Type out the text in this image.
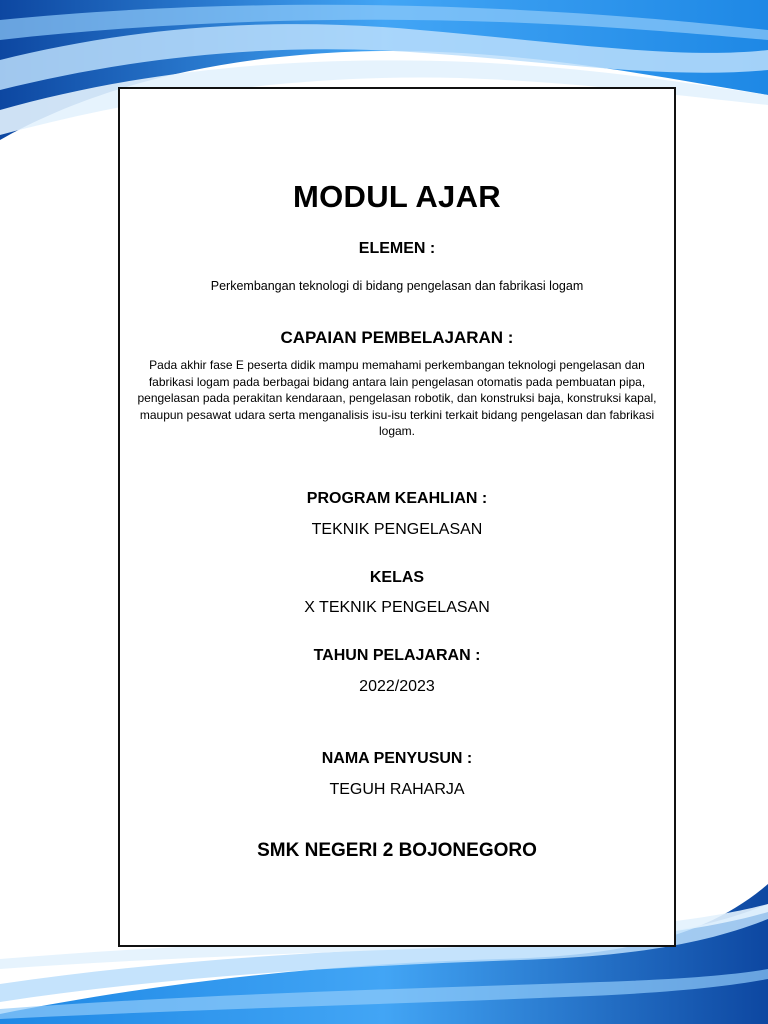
MODUL AJAR
ELEMEN :
Perkembangan teknologi di bidang pengelasan dan fabrikasi logam
CAPAIAN PEMBELAJARAN :
Pada akhir fase E peserta didik mampu memahami perkembangan teknologi pengelasan dan fabrikasi logam pada berbagai bidang antara lain pengelasan otomatis pada pembuatan pipa, pengelasan pada perakitan kendaraan, pengelasan robotik, dan konstruksi baja, konstruksi kapal, maupun pesawat udara serta menganalisis isu-isu terkini terkait bidang pengelasan dan fabrikasi logam.
PROGRAM KEAHLIAN :
TEKNIK PENGELASAN
KELAS
X TEKNIK PENGELASAN
TAHUN PELAJARAN :
2022/2023
NAMA PENYUSUN :
TEGUH RAHARJA
SMK NEGERI 2 BOJONEGORO
